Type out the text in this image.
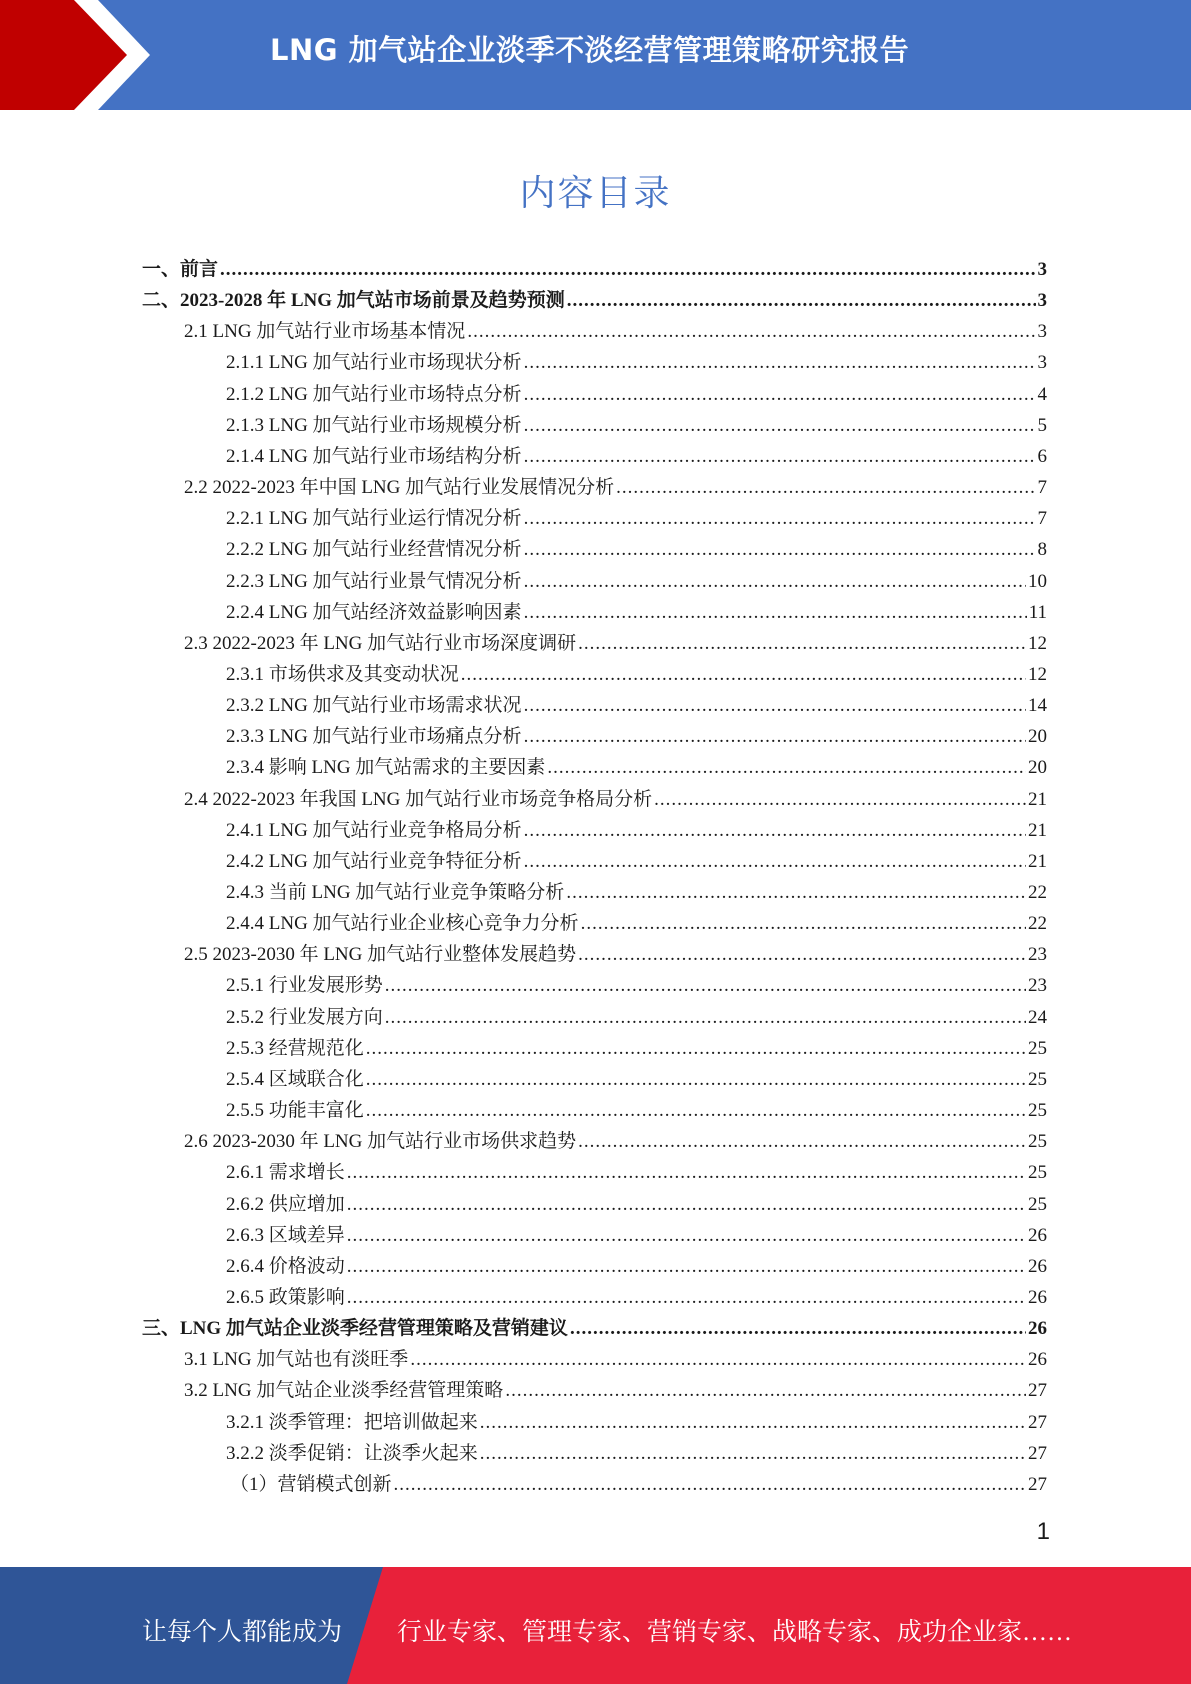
LNG 加气站企业淡季不淡经营管理策略研究报告
内容目录
一、前言 .....	3
二、2023-2028 年 LNG 加气站市场前景及趋势预测 .....	3
2.1 LNG 加气站行业市场基本情况 .....	3
2.1.1 LNG 加气站行业市场现状分析 .....	3
2.1.2 LNG 加气站行业市场特点分析 .....	4
2.1.3 LNG 加气站行业市场规模分析 .....	5
2.1.4 LNG 加气站行业市场结构分析 .....	6
2.2 2022-2023 年中国 LNG 加气站行业发展情况分析 .....	7
2.2.1 LNG 加气站行业运行情况分析 .....	7
2.2.2 LNG 加气站行业经营情况分析 .....	8
2.2.3 LNG 加气站行业景气情况分析 .....	10
2.2.4 LNG 加气站经济效益影响因素 .....	11
2.3 2022-2023 年 LNG 加气站行业市场深度调研 .....	12
2.3.1 市场供求及其变动状况 .....	12
2.3.2 LNG 加气站行业市场需求状况 .....	14
2.3.3 LNG 加气站行业市场痛点分析 .....	20
2.3.4 影响 LNG 加气站需求的主要因素 .....	20
2.4 2022-2023 年我国 LNG 加气站行业市场竞争格局分析 .....	21
2.4.1 LNG 加气站行业竞争格局分析 .....	21
2.4.2 LNG 加气站行业竞争特征分析 .....	21
2.4.3 当前 LNG 加气站行业竞争策略分析 .....	22
2.4.4 LNG 加气站行业企业核心竞争力分析 .....	22
2.5 2023-2030 年 LNG 加气站行业整体发展趋势 .....	23
2.5.1 行业发展形势 .....	23
2.5.2 行业发展方向 .....	24
2.5.3 经营规范化 .....	25
2.5.4 区域联合化 .....	25
2.5.5 功能丰富化 .....	25
2.6 2023-2030 年 LNG 加气站行业市场供求趋势 .....	25
2.6.1 需求增长 .....	25
2.6.2 供应增加 .....	25
2.6.3 区域差异 .....	26
2.6.4 价格波动 .....	26
2.6.5 政策影响 .....	26
三、LNG 加气站企业淡季经营管理策略及营销建议 .....	26
3.1 LNG 加气站也有淡旺季 .....	26
3.2 LNG 加气站企业淡季经营管理策略 .....	27
3.2.1 淡季管理：把培训做起来 .....	27
3.2.2 淡季促销：让淡季火起来 .....	27
（1）营销模式创新 .....	27
1
让每个人都能成为 行业专家、管理专家、营销专家、战略专家、成功企业家……
